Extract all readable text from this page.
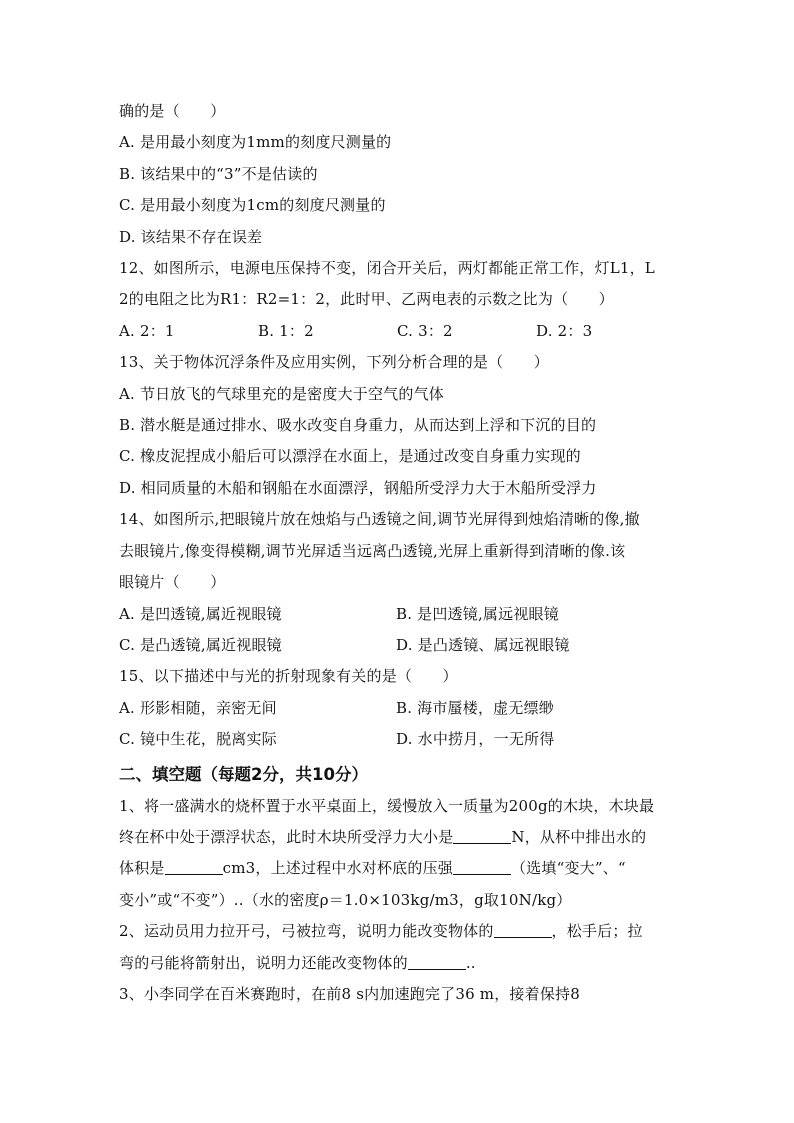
确的是（　　）
A. 是用最小刻度为1mm的刻度尺测量的
B. 该结果中的“3”不是估读的
C. 是用最小刻度为1cm的刻度尺测量的
D. 该结果不存在误差
12、如图所示，电源电压保持不变，闭合开关后，两灯都能正常工作，灯L1，L
2的电阻之比为R1：R2=1：2，此时甲、乙两电表的示数之比为（　　）
A. 2：1	B. 1：2	C. 3：2	D. 2：3
13、关于物体沉浮条件及应用实例，下列分析合理的是（　　）
A. 节日放飞的气球里充的是密度大于空气的气体
B. 潜水艇是通过排水、吸水改变自身重力，从而达到上浮和下沉的目的
C. 橡皮泥捏成小船后可以漂浮在水面上，是通过改变自身重力实现的
D. 相同质量的木船和钢船在水面漂浮，钢船所受浮力大于木船所受浮力
14、如图所示,把眼镜片放在烛焰与凸透镜之间,调节光屏得到烛焰清晰的像,撤
去眼镜片,像变得模糊,调节光屏适当远离凸透镜,光屏上重新得到清晰的像.该
眼镜片（　　）
A. 是凹透镜,属近视眼镜	B. 是凹透镜,属远视眼镜
C. 是凸透镜,属近视眼镜	D. 是凸透镜、属远视眼镜
15、以下描述中与光的折射现象有关的是（　　）
A. 形影相随，亲密无间	B. 海市蜃楼，虚无缥缈
C. 镜中生花，脱离实际	D. 水中捞月，一无所得
二、填空题（每题2分，共10分）
1、将一盛满水的烧杯置于水平桌面上，缓慢放入一质量为200g的木块，木块最
终在杯中处于漂浮状态，此时木块所受浮力大小是	N，从杯中排出水的
体积是	cm3，上述过程中水对杯底的压强	（选填“变大”、“
变小”或“不变”）..（水的密度ρ＝1.0×103kg/m3，g取10N/kg）
2、运动员用力拉开弓，弓被拉弯，说明力能改变物体的	，松手后；拉
弯的弓能将箭射出，说明力还能改变物体的	..
3、小李同学在百米赛跑时，在前8 s内加速跑完了36 m，接着保持8
